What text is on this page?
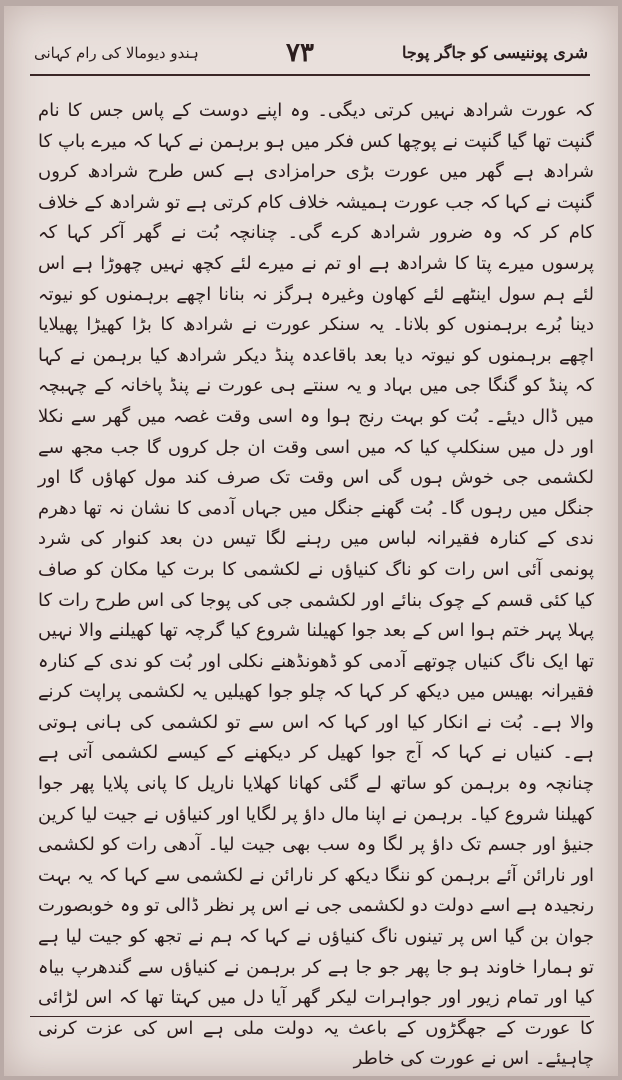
ہندو دیومالا کی رام کہانی	۷۳	شری پوننیسی کو جاگر پوجا

کہ عورت شرادھ نہیں کرتی دیگی۔ وہ اپنے دوست کے پاس جس کا نام گنپت تھا گیا گنپت نے پوچھا کس فکر میں ہو برہمن نے کہا کہ میرے باپ کا شرادھ ہے گھر میں عورت بڑی حرامزادی ہے کس طرح شرادھ کروں گنپت نے کہا کہ جب عورت ہمیشہ خلاف کام کرتی ہے تو شرادھ کے خلاف کام کر کہ وہ ضرور شرادھ کرے گی۔ چنانچہ بُت نے گھر آکر کہا کہ پرسوں میرے پتا کا شرادھ ہے او تم نے میرے لئے کچھ نہیں چھوڑا ہے اس لئے ہم سول اینٹھے لئے کھاون وغیرہ ہرگز نہ بنانا اچھے برہمنوں کو نیوتہ دینا بُرے برہمنوں کو بلانا۔ یہ سنکر عورت نے شرادھ کا بڑا کھیڑا پھیلایا اچھے برہمنوں کو نیوتہ دیا بعد باقاعدہ پنڈ دیکر شرادھ کیا برہمن نے کہا کہ پنڈ کو گنگا جی میں بہاد و یہ سنتے ہی عورت نے پنڈ پاخانہ کے چہبچہ میں ڈال دیئے۔ بُت کو بہت رنج ہوا وہ اسی وقت غصہ میں گھر سے نکلا اور دل میں سنکلپ کیا کہ میں اسی وقت ان جل کروں گا جب مجھ سے لکشمی جی خوش ہوں گی اس وقت تک صرف کند مول کھاؤں گا اور جنگل میں رہوں گا۔ بُت گھنے جنگل میں جہاں آدمی کا نشان نہ تھا دھرم ندی کے کنارہ فقیرانہ لباس میں رہنے لگا تیس دن بعد کنوار کی شرد پونمی آئی اس رات کو ناگ کنیاؤں نے لکشمی کا برت کیا مکان کو صاف کیا کئی قسم کے چوک بنائے اور لکشمی جی کی پوجا کی اس طرح رات کا پہلا پہر ختم ہوا اس کے بعد جوا کھیلنا شروع کیا گرچہ تھا کھیلنے والا نہیں تھا ایک ناگ کنیاں چوتھے آدمی کو ڈھونڈھنے نکلی اور بُت کو ندی کے کنارہ فقیرانہ بھیس میں دیکھ کر کہا کہ چلو جوا کھیلیں یہ لکشمی پراپت کرنے والا ہے۔ بُت نے انکار کیا اور کہا کہ اس سے تو لکشمی کی ہانی ہوتی ہے۔ کنیاں نے کہا کہ آج جوا کھیل کر دیکھنے کے کیسے لکشمی آتی ہے چنانچہ وہ برہمن کو ساتھ لے گئی کھانا کھلایا ناریل کا پانی پلایا پھر جوا کھیلنا شروع کیا۔ برہمن نے اپنا مال داؤ پر لگایا اور کنیاؤں نے جیت لیا کرین جنیؤ اور جسم تک داؤ پر لگا وہ سب بھی جیت لیا۔ آدھی رات کو لکشمی اور نارائن آئے برہمن کو ننگا دیکھ کر نارائن نے لکشمی سے کہا کہ یہ بہت رنجیدہ ہے اسے دولت دو لکشمی جی نے اس پر نظر ڈالی تو وہ خوبصورت جوان بن گیا اس پر تینوں ناگ کنیاؤں نے کہا کہ ہم نے تجھ کو جیت لیا ہے تو ہمارا خاوند ہو جا پھر جو جا ہے کر برہمن نے کنیاؤں سے گندھرپ بیاہ کیا اور تمام زیور اور جواہرات لیکر گھر آیا دل میں کہتا تھا کہ اس لڑائی کا عورت کے جھگڑوں کے باعث یہ دولت ملی ہے اس کی عزت کرنی چاہیئے۔ اس نے عورت کی خاطر
